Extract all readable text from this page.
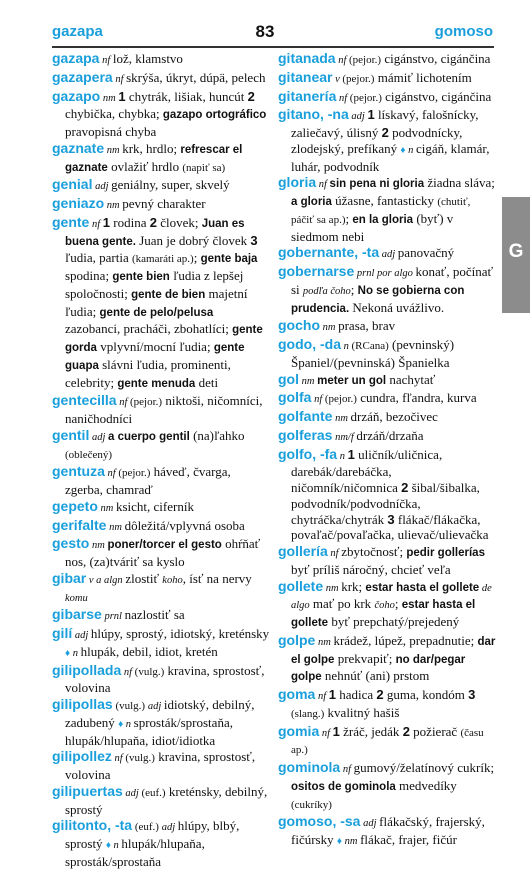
gazapa	83	gomoso

gazapa nf lož, klamstvo

gazapera nf skrýša, úkryt, dúpä, pelech

gazapo nm 1 chytrák, lišiak, huncút 2 chybička, chybka; gazapo ortográfico pravopisná chyba

gaznate nm krk, hrdlo; refrescar el gaznate ovlažiť hrdlo (napiť sa)

genial adj geniálny, super, skvelý

geniazo nm pevný charakter

gente nf 1 rodina 2 človek; Juan es buena gente. Juan je dobrý človek 3 ľudia, partia (kamaráti ap.); gente baja spodina; gente bien ľudia z lepšej spoločnosti; gente de bien majetní ľudia; gente de pelo/pelusa zazobanci, pracháči, zbohatlíci; gente gorda vplyvní/mocní ľudia; gente guapa slávni ľudia, prominenti, celebrity; gente menuda deti

gentecilla nf (pejor.) niktoši, ničomníci, naničhodníci

gentil adj a cuerpo gentil (na)ľahko (oblečený)

gentuza nf (pejor.) háveď, čvarga, zgerba, chamraď

gepeto nm ksicht, ciferník

gerifalte nm dôležitá/vplyvná osoba

gesto nm poner/torcer el gesto ohŕňať nos, (za)tváriť sa kyslo

gibar v a algn zlostiť koho, ísť na nervy komu

gibarse prnl nazlostiť sa

gilí adj hlúpy, sprostý, idiotský, kreténsky ♦ n hlupák, debil, idiot, kretén

gilipollada nf (vulg.) kravina, sprostosť, volovina

gilipollas (vulg.) adj idiotský, debilný, zadubený ♦ n sprosták/sprostaňa, hlupák/hlupaňa, idiot/idiotka

gilipollez nf (vulg.) kravina, sprostosť, volovina

gilipuertas adj (euf.) kreténsky, debilný, sprostý

gilitonto, -ta (euf.) adj hlúpy, blbý, sprostý ♦ n hlupák/hlupaňa, sprosták/sprostaňa

gitanada nf (pejor.) cigánstvo, cigánčina

gitanear v (pejor.) mámiť lichotením

gitanería nf (pejor.) cigánstvo, cigánčina

gitano, -na adj 1 lískavý, falošnícky, zaliečavý, úlisný 2 podvodnícky, zlodejský, prefíkaný ♦ n cigáň, klamár, luhár, podvodník

gloria nf sin pena ni gloria žiadna sláva; a gloria úžasne, fantasticky (chutiť, páčiť sa ap.); en la gloria (byť) v siedmom nebi

gobernante, -ta adj panovačný

gobernarse prnl por algo konať, počínať si podľa čoho; No se gobierna con prudencia. Nekoná uvážlivo.

gocho nm prasa, brav

godo, -da n (RCana) (pevninský) Španiel/(pevninská) Španielka

gol nm meter un gol nachytať

golfa nf (pejor.) cundra, fľandra, kurva

golfante nm drzáň, bezočivec

golferas nm/f drzáň/drzaňa

golfo, -fa n 1 uličník/uličnica, darebák/darebáčka, ničomník/ničomnica 2 šibal/šibalka, podvodník/podvodníčka, chytráčka/chytrák 3 flákač/flákačka, povaľač/povaľačka, ulievač/ulievačka

gollería nf zbytočnosť; pedir gollerías byť príliš náročný, chcieť veľa

gollete nm krk; estar hasta el gollete de algo mať po krk čoho; estar hasta el gollete byť prepchatý/prejedený

golpe nm krádež, lúpež, prepadnutie; dar el golpe prekvapiť; no dar/pegar golpe nehnúť (ani) prstom

goma nf 1 hadica 2 guma, kondóm 3 (slang.) kvalitný hašiš

gomia nf 1 žráč, jedák 2 požierač (času ap.)

gominola nf gumový/želatínový cukrík; ositos de gominola medvedíky (cukríky)

gomoso, -sa adj flákačský, frajerský, fičúrsky ♦ nm flákač, frajer, fičúr

G
